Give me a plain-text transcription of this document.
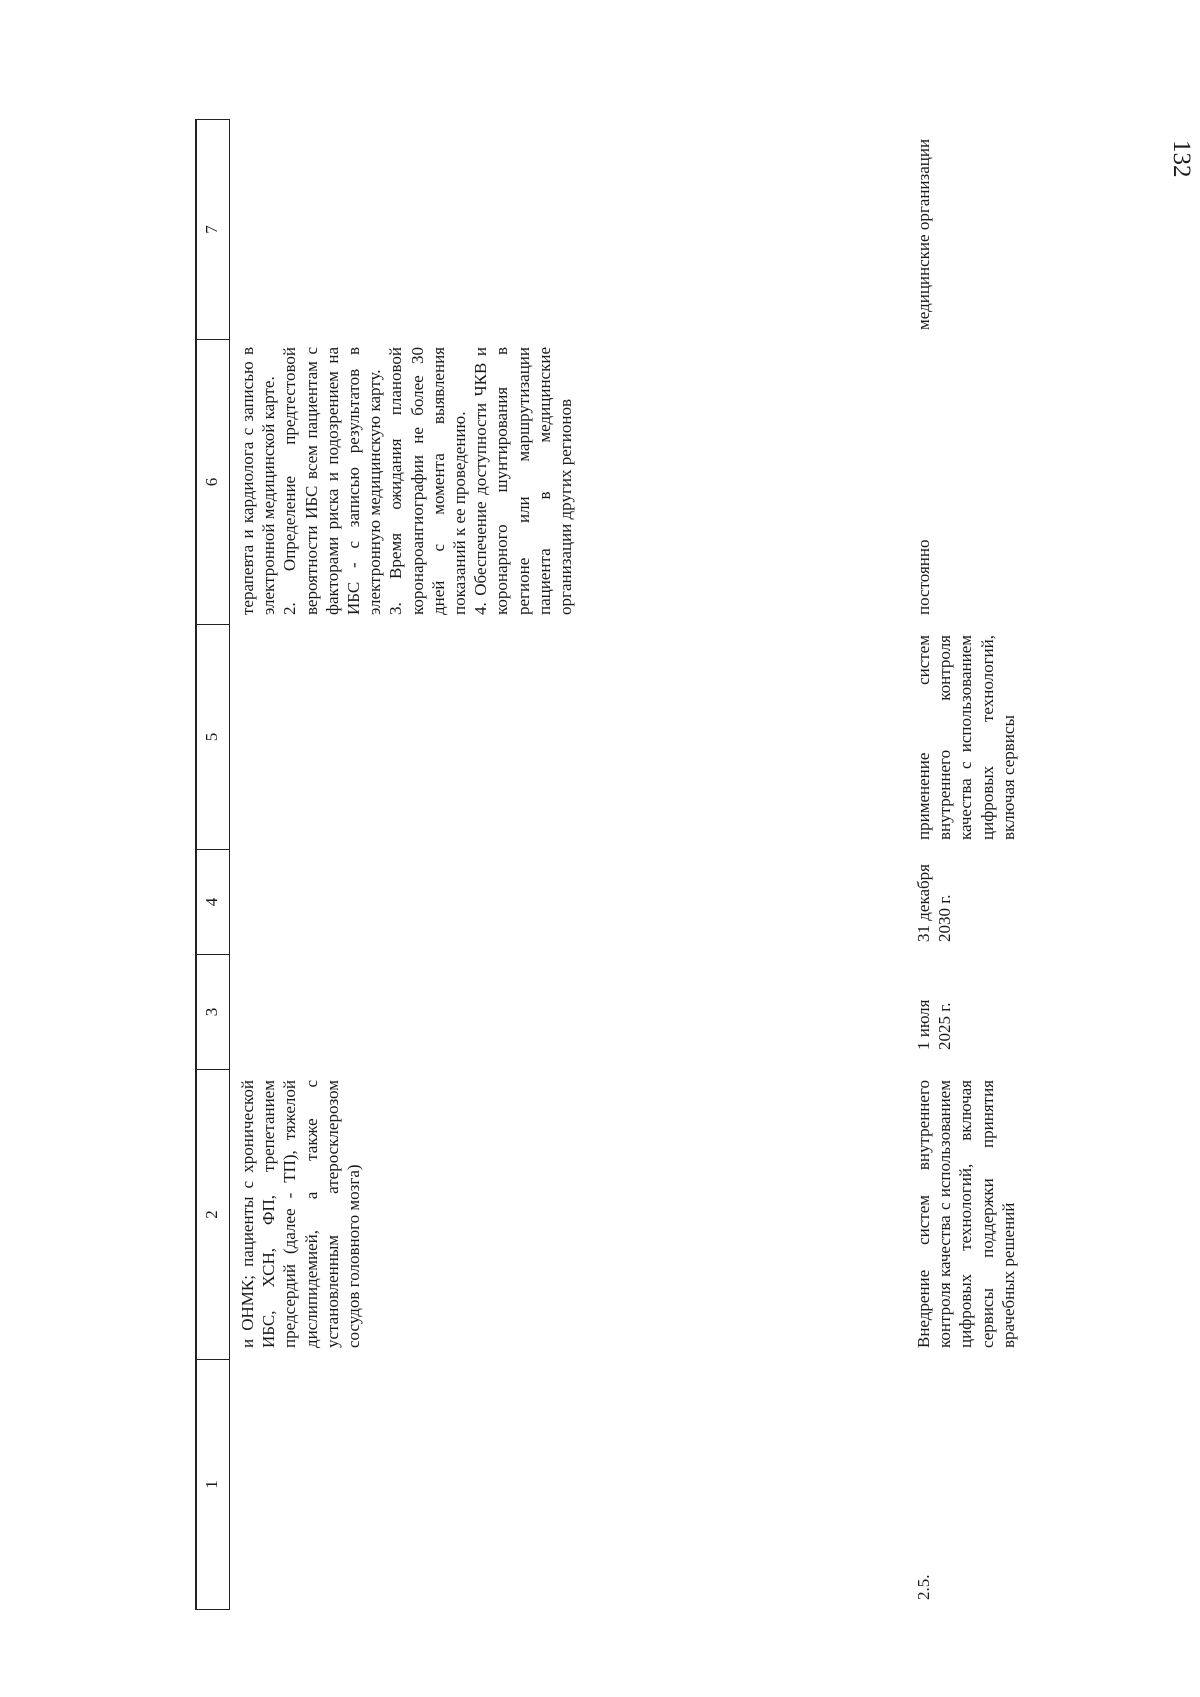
132
1
2
3
4
5
6
7
и ОНМК; пациенты с хронической ИБС, ХСН, ФП, трепетанием предсердий (далее - ТП), тяжелой дислипидемией, а также с установленным атеросклерозом сосудов головного мозга)

терапевта и кардиолога с записью в электронной медицинской карте. 2. Определение предтестовой вероятности ИБС всем пациентам с факторами риска и подозрением на ИБС - с записью результатов в электронную медицинскую карту. 3. Время ожидания плановой коронароангиографии не более 30 дней с момента выявления показаний к ее проведению. 4. Обеспечение доступности ЧКВ и коронарного шунтирования в регионе или маршрутизации пациента в медицинские организации других регионов

2.5.
Внедрение систем внутреннего контроля качества с использованием цифровых технологий, включая сервисы поддержки принятия врачебных решений
1 июля 2025 г.
31 декабря 2030 г.
применение систем внутреннего контроля качества с использованием цифровых технологий, включая сервисы
постоянно
медицинские организации
